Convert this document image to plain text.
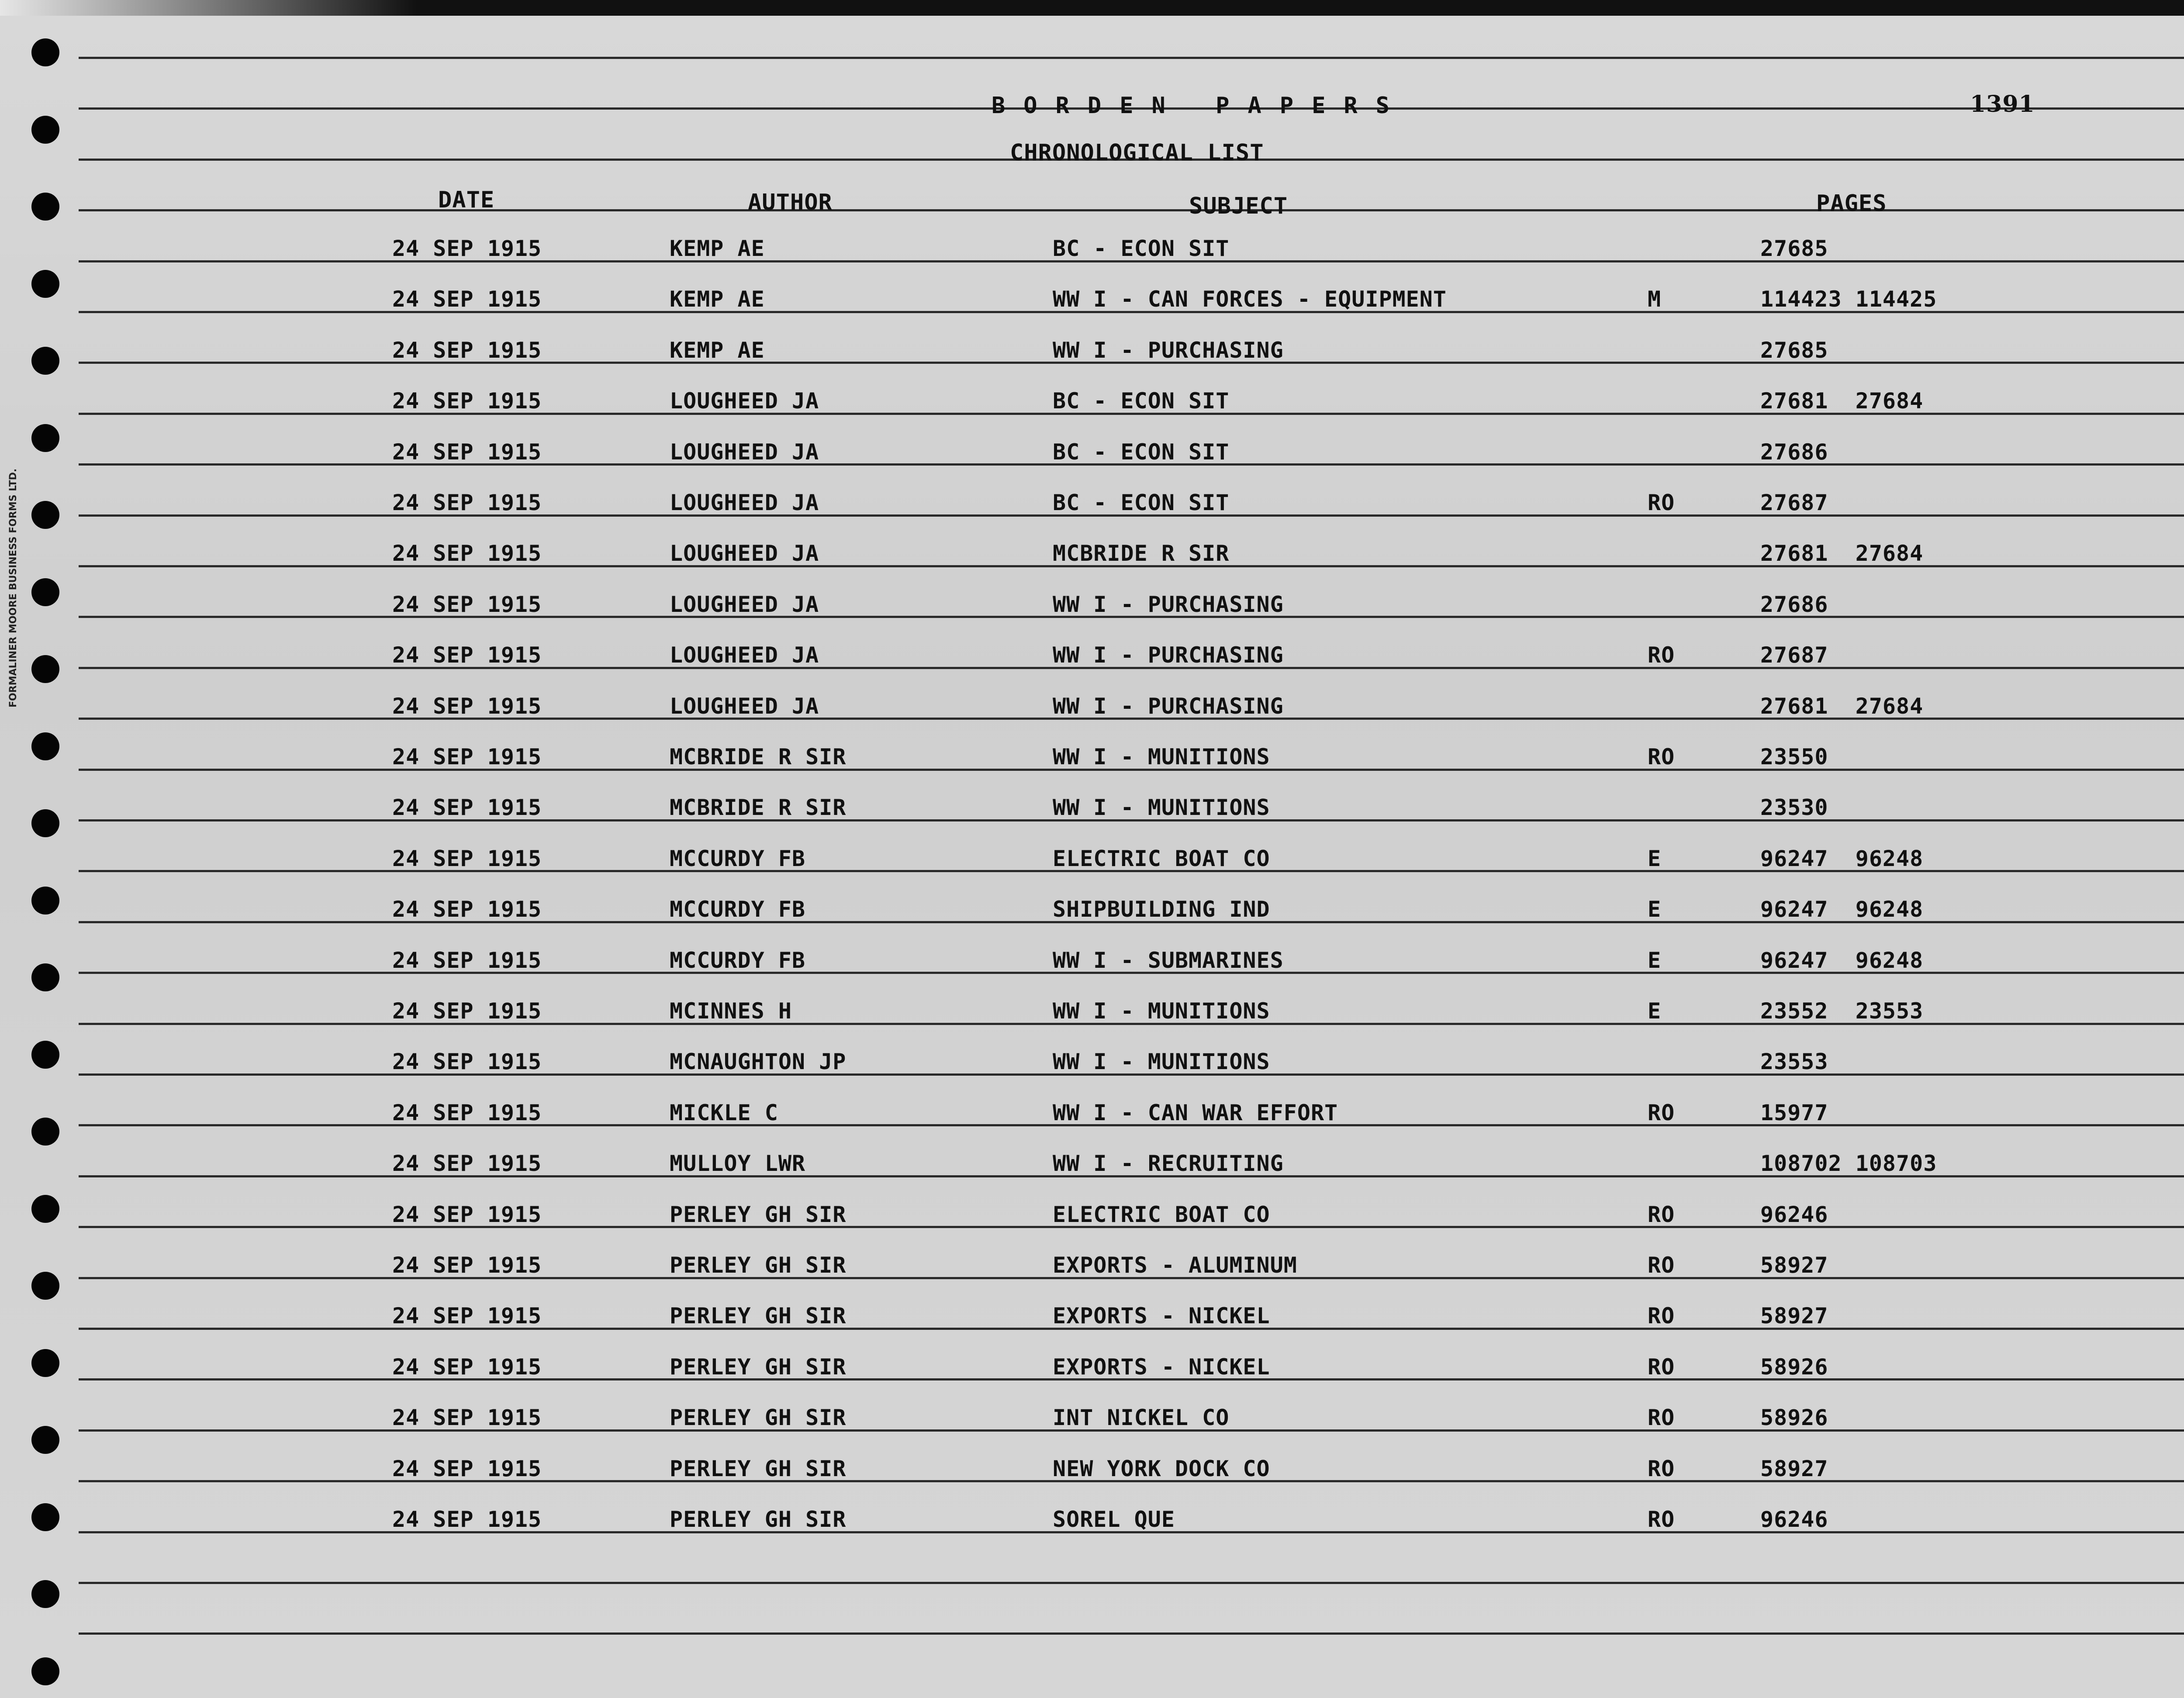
BORDEN PAPERS	1391
CHRONOLOGICAL LIST
DATE	AUTHOR	SUBJECT	PAGES
24 SEP 1915	KEMP AE	BC - ECON SIT	27685
24 SEP 1915	KEMP AE	WW I - CAN FORCES - EQUIPMENT	M	114423 114425
24 SEP 1915	KEMP AE	WW I - PURCHASING	27685
24 SEP 1915	LOUGHEED JA	BC - ECON SIT	27681  27684
24 SEP 1915	LOUGHEED JA	BC - ECON SIT	27686
24 SEP 1915	LOUGHEED JA	BC - ECON SIT	RO	27687
24 SEP 1915	LOUGHEED JA	MCBRIDE R SIR	27681  27684
24 SEP 1915	LOUGHEED JA	WW I - PURCHASING	27686
24 SEP 1915	LOUGHEED JA	WW I - PURCHASING	RO	27687
24 SEP 1915	LOUGHEED JA	WW I - PURCHASING	27681  27684
24 SEP 1915	MCBRIDE R SIR	WW I - MUNITIONS	RO	23550
24 SEP 1915	MCBRIDE R SIR	WW I - MUNITIONS	23530
24 SEP 1915	MCCURDY FB	ELECTRIC BOAT CO	E	96247  96248
24 SEP 1915	MCCURDY FB	SHIPBUILDING IND	E	96247  96248
24 SEP 1915	MCCURDY FB	WW I - SUBMARINES	E	96247  96248
24 SEP 1915	MCINNES H	WW I - MUNITIONS	E	23552  23553
24 SEP 1915	MCNAUGHTON JP	WW I - MUNITIONS	23553
24 SEP 1915	MICKLE C	WW I - CAN WAR EFFORT	RO	15977
24 SEP 1915	MULLOY LWR	WW I - RECRUITING	108702 108703
24 SEP 1915	PERLEY GH SIR	ELECTRIC BOAT CO	RO	96246
24 SEP 1915	PERLEY GH SIR	EXPORTS - ALUMINUM	RO	58927
24 SEP 1915	PERLEY GH SIR	EXPORTS - NICKEL	RO	58927
24 SEP 1915	PERLEY GH SIR	EXPORTS - NICKEL	RO	58926
24 SEP 1915	PERLEY GH SIR	INT NICKEL CO	RO	58926
24 SEP 1915	PERLEY GH SIR	NEW YORK DOCK CO	RO	58927
24 SEP 1915	PERLEY GH SIR	SOREL QUE	RO	96246
FORMALINER MOORE BUSINESS FORMS LTD.
